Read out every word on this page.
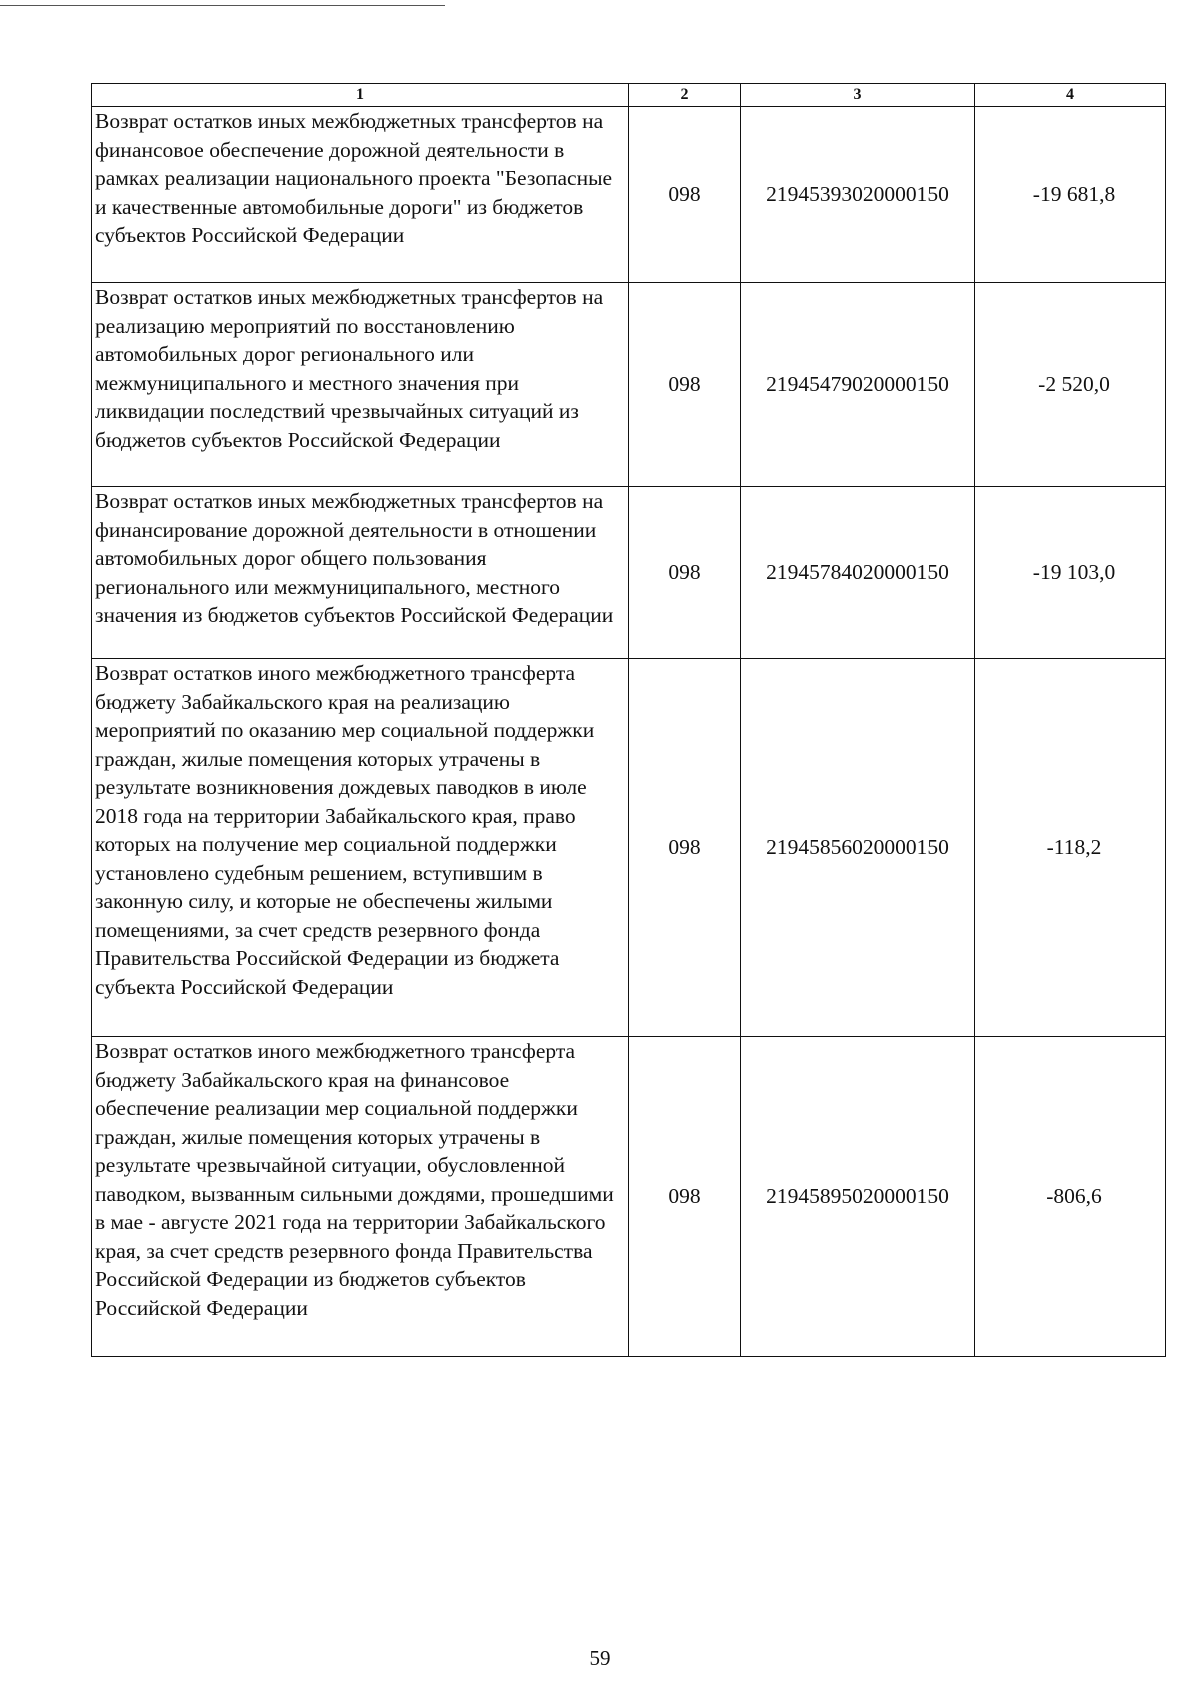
1	2	3	4
Возврат остатков иных межбюджетных трансфертов на финансовое обеспечение дорожной деятельности в рамках реализации национального проекта "Безопасные и качественные автомобильные дороги" из бюджетов субъектов Российской Федерации	098	21945393020000150	-19 681,8
Возврат остатков иных межбюджетных трансфертов на реализацию мероприятий по восстановлению автомобильных дорог регионального или межмуниципального и местного значения при ликвидации последствий чрезвычайных ситуаций из бюджетов субъектов Российской Федерации	098	21945479020000150	-2 520,0
Возврат остатков иных межбюджетных трансфертов на финансирование дорожной деятельности в отношении автомобильных дорог общего пользования регионального или межмуниципального, местного значения из бюджетов субъектов Российской Федерации	098	21945784020000150	-19 103,0
Возврат остатков иного межбюджетного трансферта бюджету Забайкальского края на реализацию мероприятий по оказанию мер социальной поддержки граждан, жилые помещения которых утрачены в результате возникновения дождевых паводков в июле 2018 года на территории Забайкальского края, право которых на получение мер социальной поддержки установлено судебным решением, вступившим в законную силу, и которые не обеспечены жилыми помещениями, за счет средств резервного фонда Правительства Российской Федерации из бюджета субъекта Российской Федерации	098	21945856020000150	-118,2
Возврат остатков иного межбюджетного трансферта бюджету Забайкальского края на финансовое обеспечение реализации мер социальной поддержки граждан, жилые помещения которых утрачены в результате чрезвычайной ситуации, обусловленной паводком, вызванным сильными дождями, прошедшими в мае - августе 2021 года на территории Забайкальского края, за счет средств резервного фонда Правительства Российской Федерации из бюджетов субъектов Российской Федерации	098	21945895020000150	-806,6
59
